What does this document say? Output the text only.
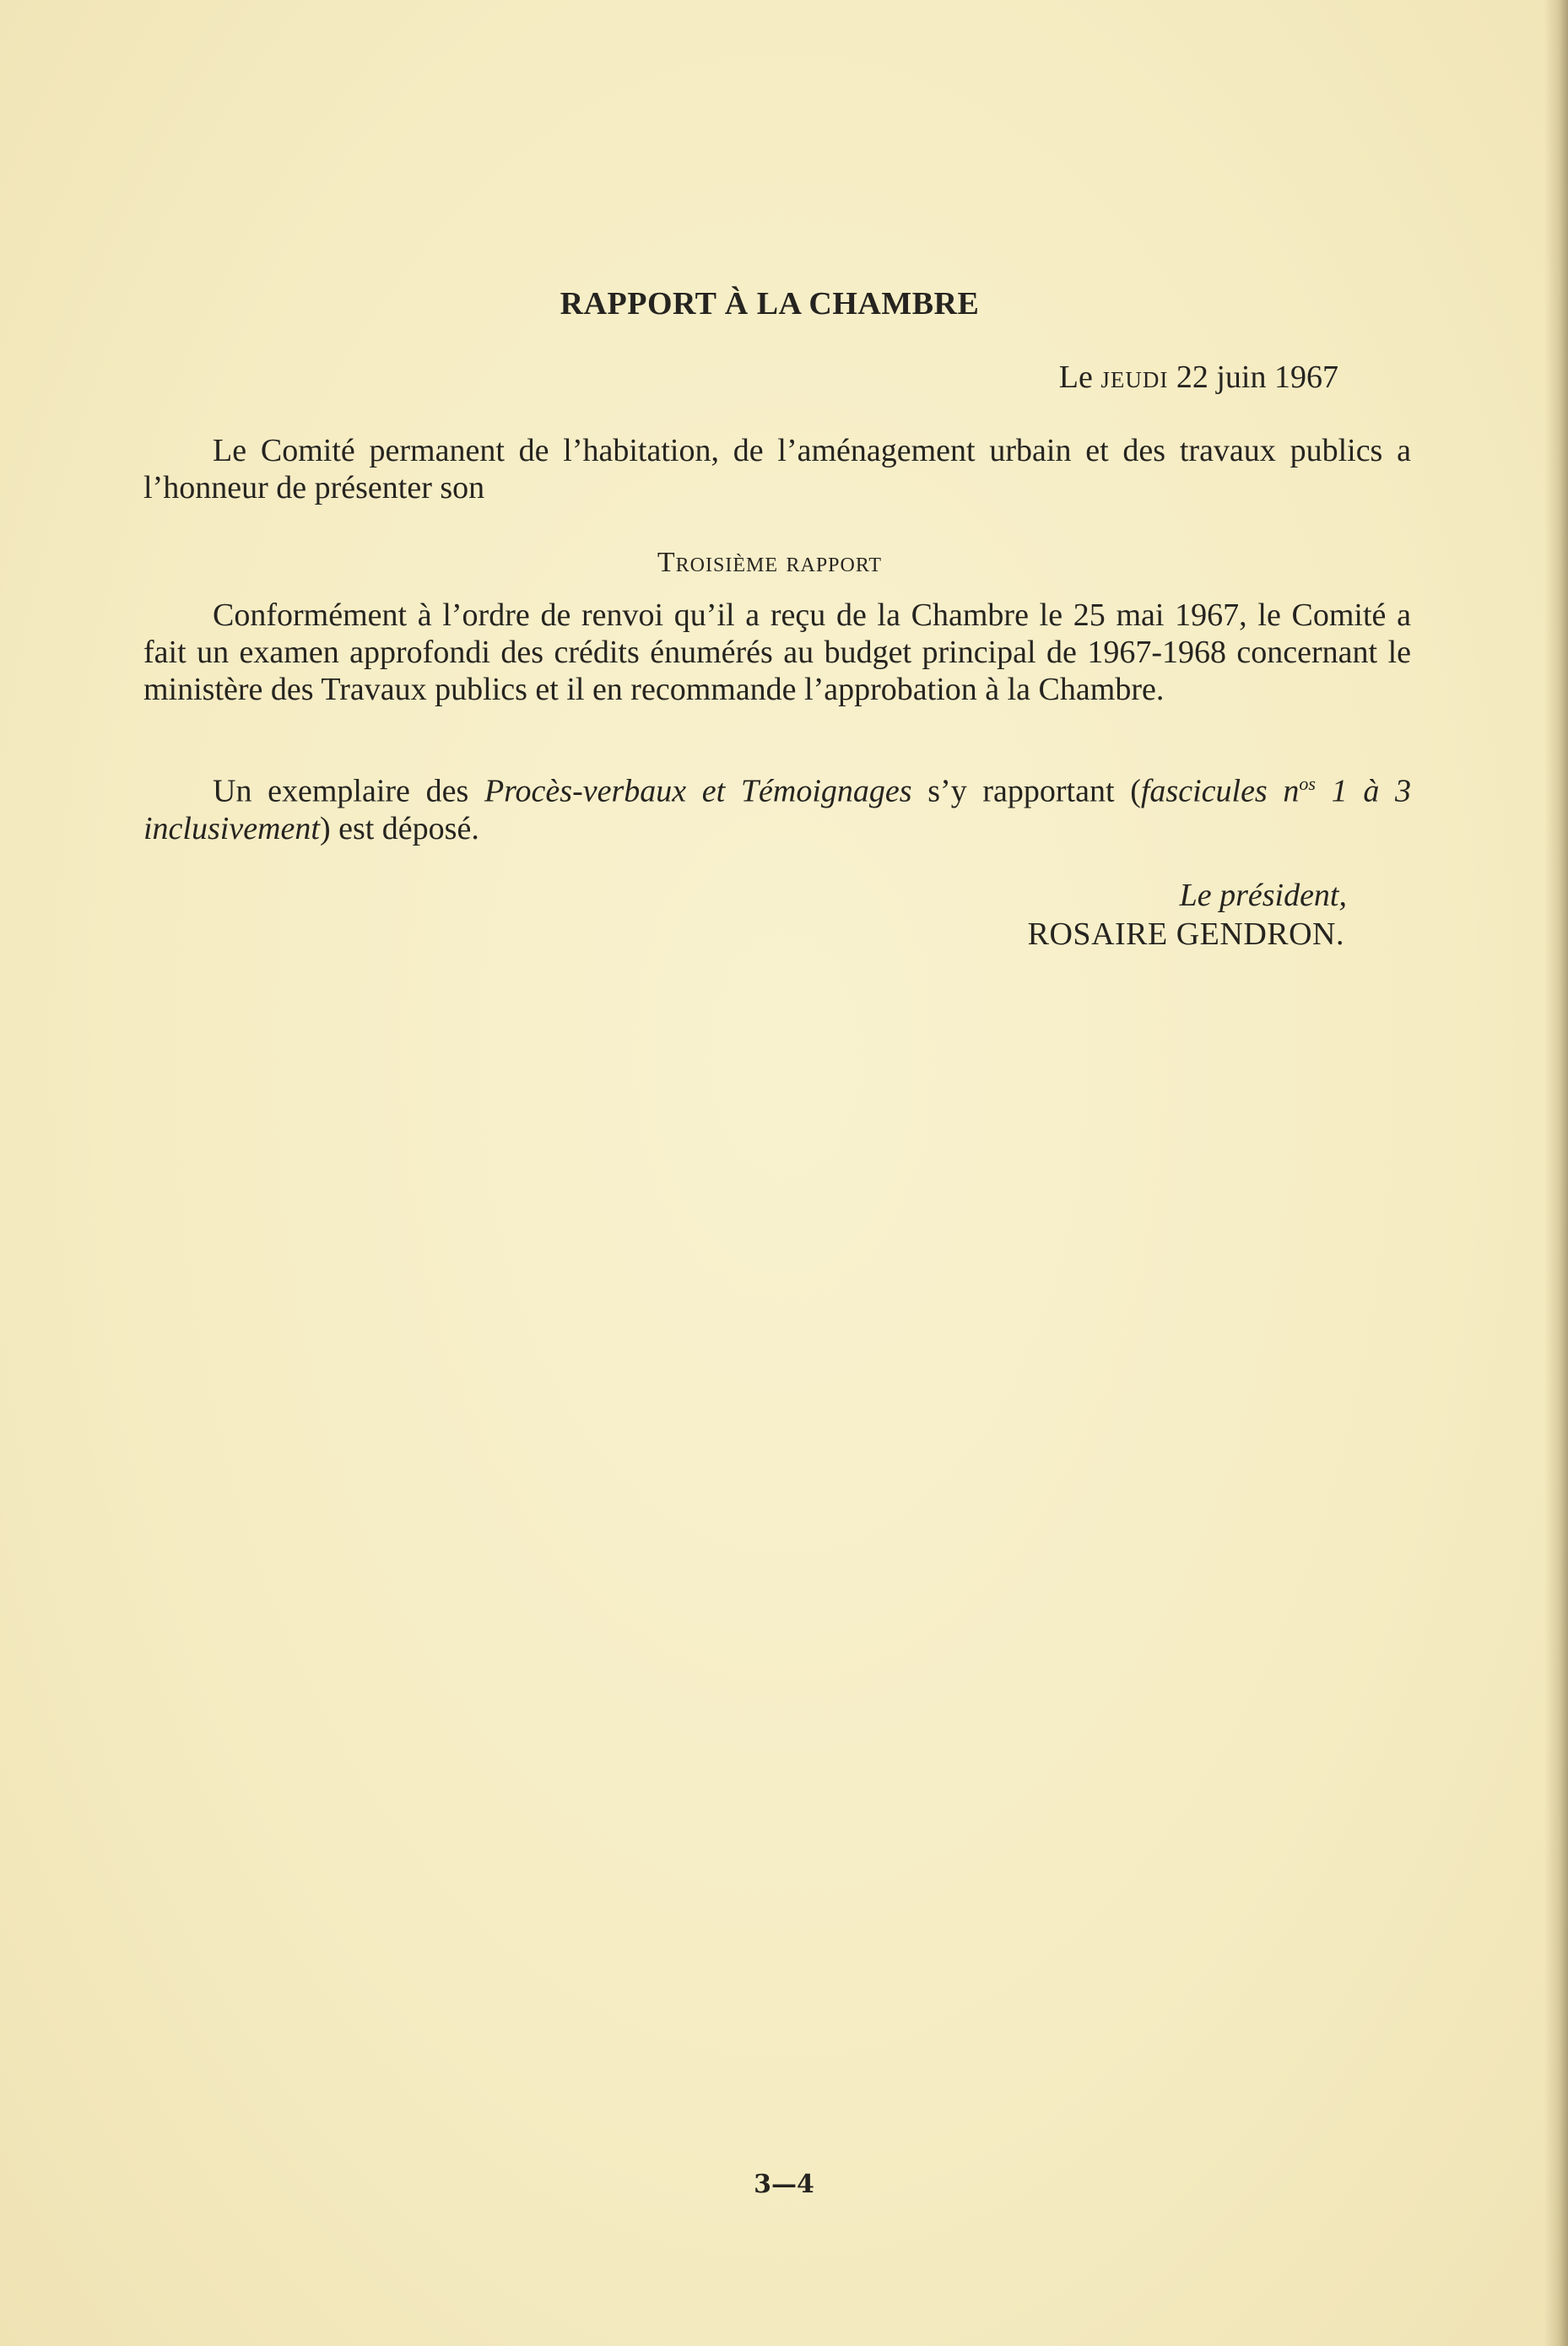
RAPPORT À LA CHAMBRE

Le jeudi 22 juin 1967

Le Comité permanent de l’habitation, de l’aménagement urbain et des travaux publics a l’honneur de présenter son

Troisième rapport

Conformément à l’ordre de renvoi qu’il a reçu de la Chambre le 25 mai 1967, le Comité a fait un examen approfondi des crédits énumérés au budget principal de 1967-1968 concernant le ministère des Travaux publics et il en recommande l’approbation à la Chambre.

Un exemplaire des Procès-verbaux et Témoignages s’y rapportant (fascicules $n^{os}$ 1 à 3 inclusivement) est déposé.

Le président,

ROSAIRE GENDRON.

3—4
